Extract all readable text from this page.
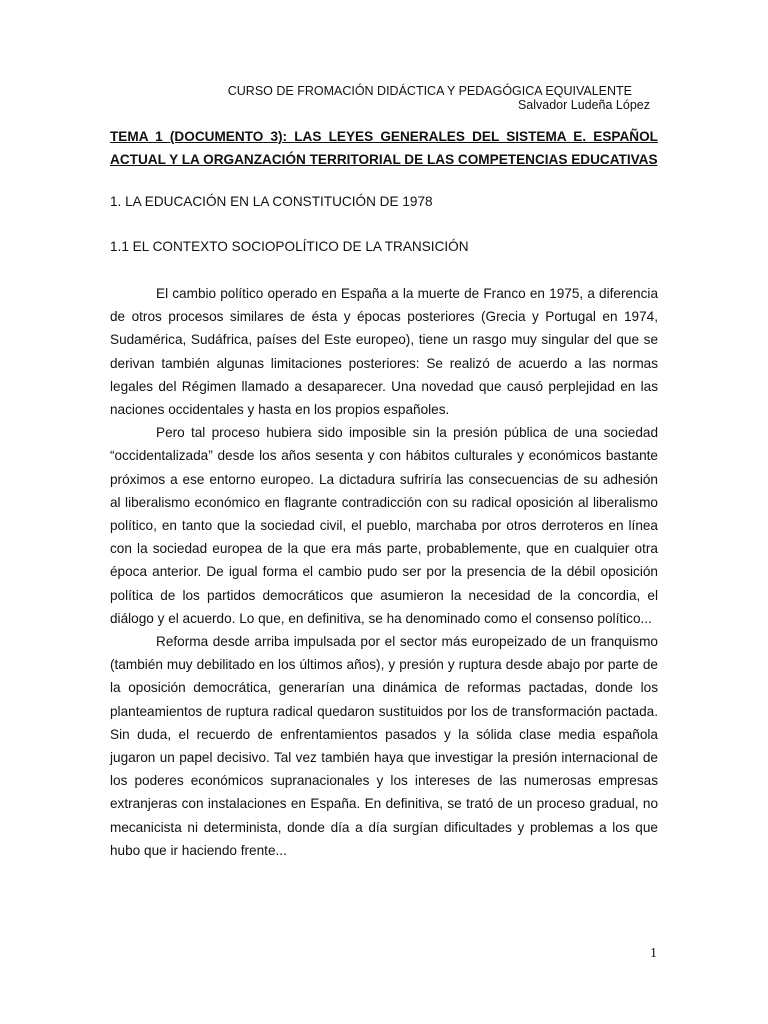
CURSO DE FROMACIÓN DIDÁCTICA Y PEDAGÓGICA EQUIVALENTE
Salvador Ludeña López

TEMA 1 (DOCUMENTO 3): LAS LEYES GENERALES DEL SISTEMA E. ESPAÑOL ACTUAL Y LA ORGANZACIÓN TERRITORIAL DE LAS COMPETENCIAS EDUCATIVAS

1. LA EDUCACIÓN EN LA CONSTITUCIÓN DE 1978

1.1 EL CONTEXTO SOCIOPOLÍTICO DE LA TRANSICIÓN

El cambio político operado en España a la muerte de Franco en 1975, a diferencia de otros procesos similares de ésta y épocas posteriores (Grecia y Portugal en 1974, Sudamérica, Sudáfrica, países del Este europeo), tiene un rasgo muy singular del que se derivan también algunas limitaciones posteriores: Se realizó de acuerdo a las normas legales del Régimen llamado a desaparecer. Una novedad que causó perplejidad en las naciones occidentales y hasta en los propios españoles.

Pero tal proceso hubiera sido imposible sin la presión pública de una sociedad “occidentalizada” desde los años sesenta y con hábitos culturales y económicos bastante próximos a ese entorno europeo. La dictadura sufriría las consecuencias de su adhesión al liberalismo económico en flagrante contradicción con su radical oposición al liberalismo político, en tanto que la sociedad civil, el pueblo, marchaba por otros derroteros en línea con la sociedad europea de la que era más parte, probablemente, que en cualquier otra época anterior. De igual forma el cambio pudo ser por la presencia de la débil oposición política de los partidos democráticos que asumieron la necesidad de la concordia, el diálogo y el acuerdo. Lo que, en definitiva, se ha denominado como el consenso político...

Reforma desde arriba impulsada por el sector más europeizado de un franquismo (también muy debilitado en los últimos años), y presión y ruptura desde abajo por parte de la oposición democrática, generarían una dinámica de reformas pactadas, donde los planteamientos de ruptura radical quedaron sustituidos por los de transformación pactada. Sin duda, el recuerdo de enfrentamientos pasados y la sólida clase media española jugaron un papel decisivo. Tal vez también haya que investigar la presión internacional de los poderes económicos supranacionales y los intereses de las numerosas empresas extranjeras con instalaciones en España. En definitiva, se trató de un proceso gradual, no mecanicista ni determinista, donde día a día surgían dificultades y problemas a los que hubo que ir haciendo frente...

1
